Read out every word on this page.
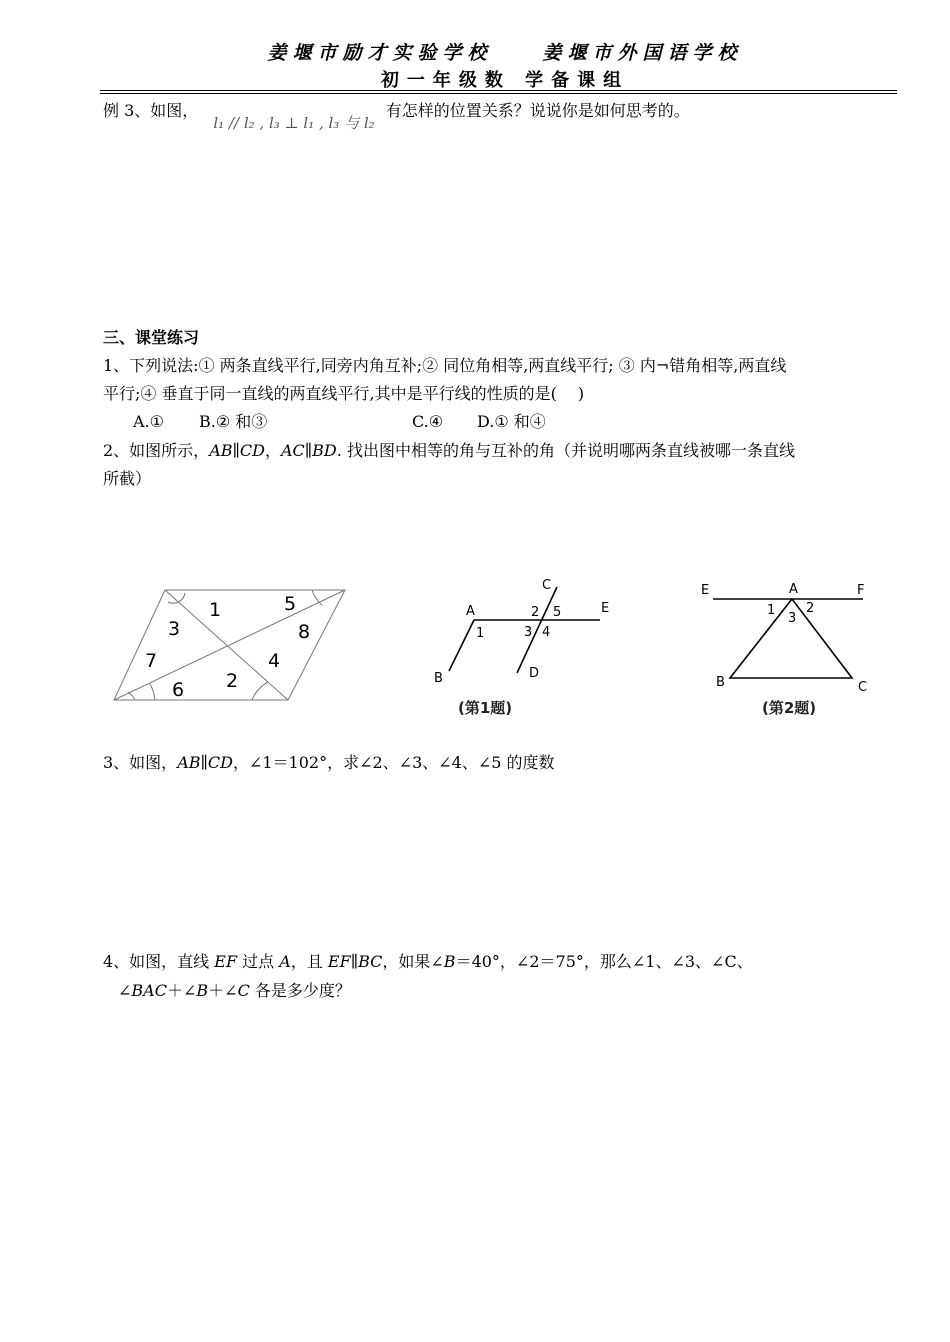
姜堰市励才实验学校　　姜堰市外国语学校
初一年级数 学备课组
例 3、如图， l₁ // l₂ , l₃ ⊥ l₁ , l₃ 与 l₂ 有怎样的位置关系？说说你是如何思考的。
三、课堂练习
1、下列说法:① 两条直线平行,同旁内角互补;② 同位角相等,两直线平行; ③ 内¬错角相等,两直线
平行;④ 垂直于同一直线的两直线平行,其中是平行线的性质的是(　 )
A.① B.② 和③	C.④ D.① 和④
2、如图所示，AB∥CD，AC∥BD. 找出图中相等的角与互补的角（并说明哪两条直线被哪一条直线
所截）
1	5
3	8
7	4
2
6
A
B
C
D
E
1
2 5
3 4
(第1题)
E	A	F
B	C
1 2
3
(第2题)
3、如图，AB∥CD，∠1＝102°，求∠2、∠3、∠4、∠5 的度数
4、如图，直线 EF 过点 A，且 EF∥BC，如果∠B＝40°，∠2＝75°，那么∠1、∠3、∠C、
∠BAC＋∠B＋∠C 各是多少度？
